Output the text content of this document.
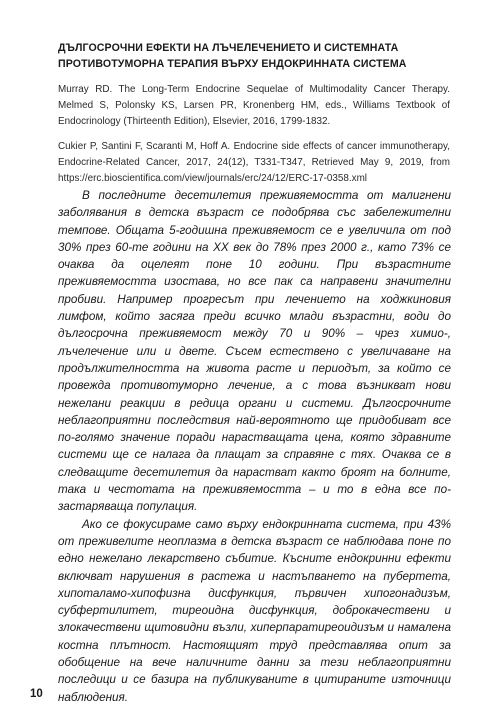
ДЪЛГОСРОЧНИ ЕФЕКТИ НА ЛЪЧЕЛЕЧЕНИЕТО И СИСТЕМНАТА ПРОТИВОТУМОРНА ТЕРАПИЯ ВЪРХУ ЕНДОКРИННАТА СИСТЕМА

Murray RD. The Long-Term Endocrine Sequelae of Multimodality Cancer Therapy. Melmed S, Polonsky KS, Larsen PR, Kronenberg HM, eds., Williams Textbook of Endocrinology (Thirteenth Edition), Elsevier, 2016, 1799-1832.

Cukier P, Santini F, Scaranti M, Hoff A. Endocrine side effects of cancer immunotherapy, Endocrine-Related Cancer, 2017, 24(12), T331-T347, Retrieved May 9, 2019, from https://erc.bioscientifica.com/view/journals/erc/24/12/ERC-17-0358.xml

В последните десетилетия преживяемостта от малигнени заболявания в детска възраст се подобрява със забележителни темпове. Общата 5-годишна преживяемост се е увеличила от под 30% през 60-те години на XX век до 78% през 2000 г., като 73% се очаква да оцелеят поне 10 години. При възрастните преживяемостта изостава, но все пак са направени значителни пробиви. Например прогресът при лечението на ходжкиновия лимфом, който засяга преди всичко млади възрастни, води до дългосрочна преживяемост между 70 и 90% – чрез химио-, лъчелечение или и двете. Съсем естествено с увеличаване на продължителността на живота расте и периодът, за който се провежда противотуморно лечение, а с това възникват нови нежелани реакции в редица органи и системи. Дългосрочните неблагоприятни последствия най-вероятното ще придобиват все по-голямо значение поради нарастващата цена, която здравните системи ще се налага да плащат за справяне с тях. Очаква се в следващите десетилетия да нарастват както броят на болните, така и честотата на преживяемостта – и то в една все по-застаряваща популация.

Ако се фокусираме само върху ендокринната система, при 43% от преживелите неоплазма в детска възраст се наблюдава поне по едно нежелано лекарствено събитие. Късните ендокринни ефекти включват нарушения в растежа и настъпването на пубертета, хипоталамо-хипофизна дисфункция, първичен хипогонадизъм, субфертилитет, тиреоидна дисфункция, доброкачествени и злокачествени щитовидни възли, хиперпаратиреоидизъм и намалена костна плътност. Настоящият труд представлява опит за обобщение на вече наличните данни за тези неблагоприятни последици и се базира на публикуваните в цитираните източници наблюдения.

10
